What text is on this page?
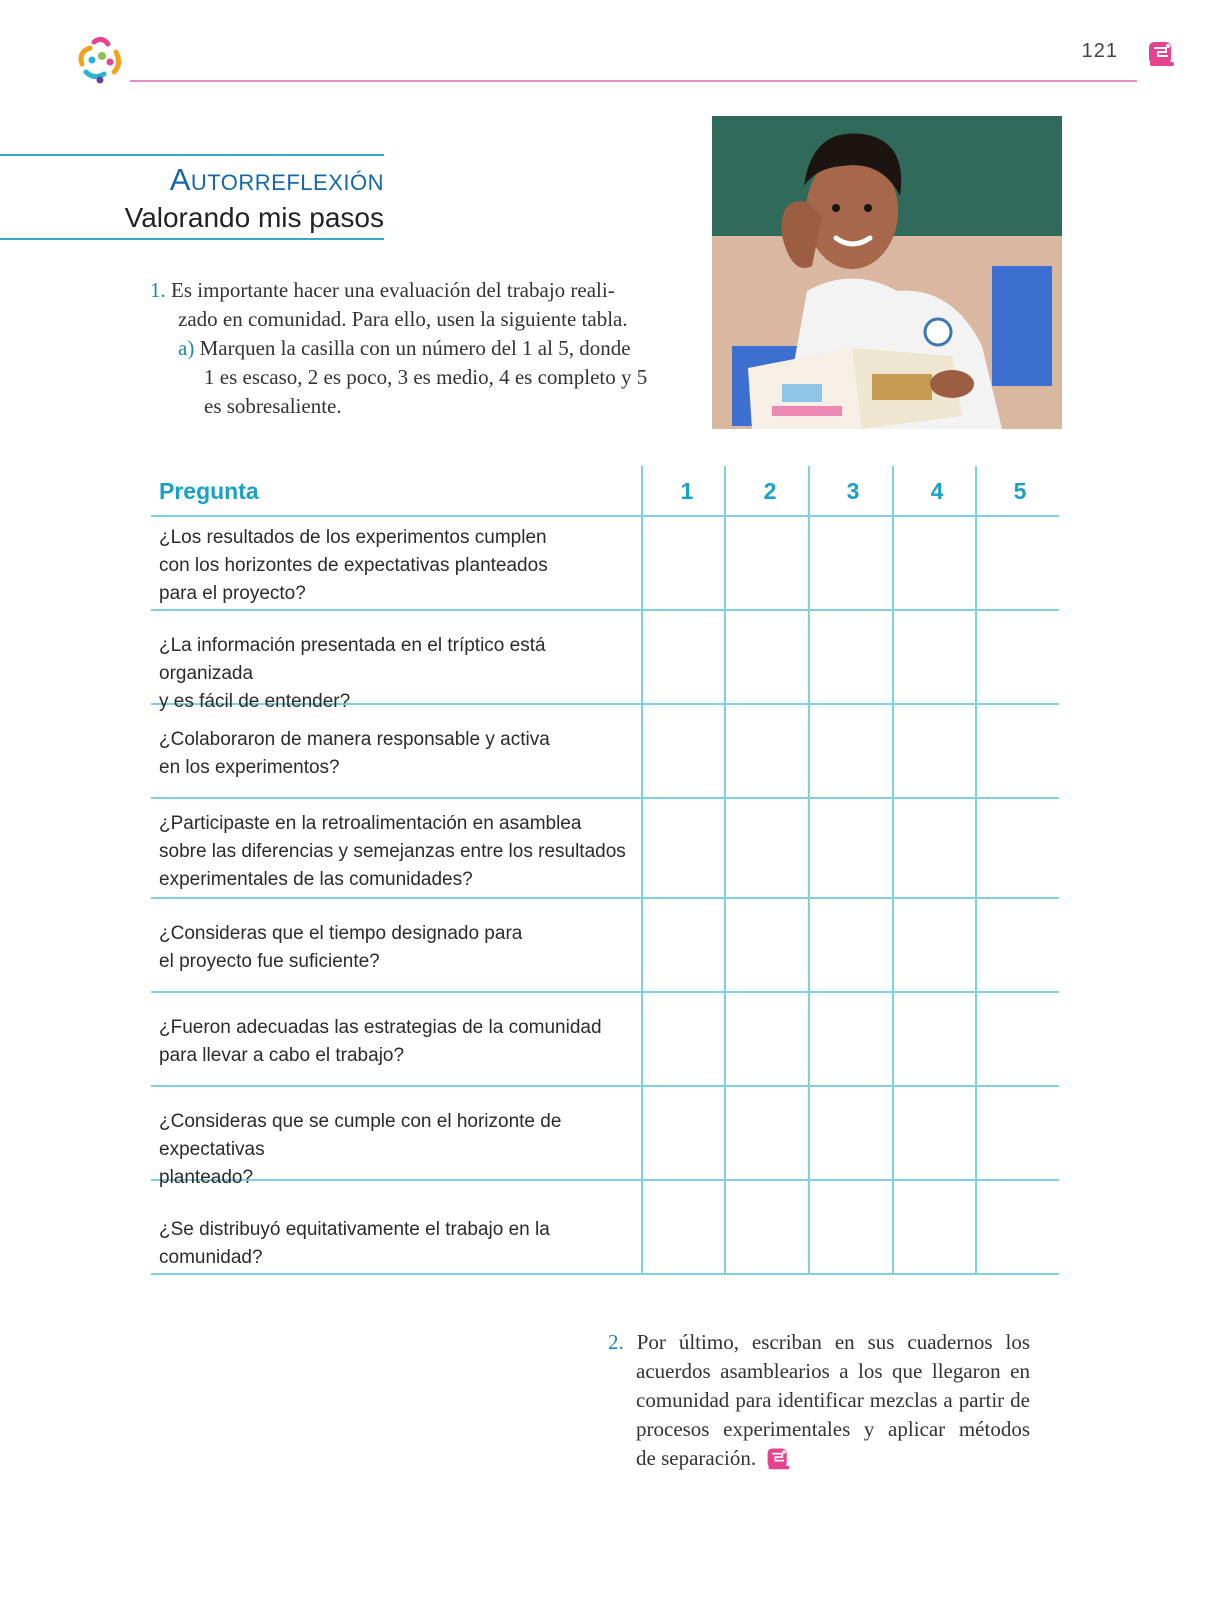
121
Autorreflexión
Valorando mis pasos
1. Es importante hacer una evaluación del trabajo reali-
zado en comunidad. Para ello, usen la siguiente tabla.
a) Marquen la casilla con un número del 1 al 5, donde
1 es escaso, 2 es poco, 3 es medio, 4 es completo y 5
es sobresaliente.
Pregunta	1	2	3	4	5
¿Los resultados de los experimentos cumplen
con los horizontes de expectativas planteados
para el proyecto?
¿La información presentada en el tríptico está organizada
y es fácil de entender?
¿Colaboraron de manera responsable y activa
en los experimentos?
¿Participaste en la retroalimentación en asamblea
sobre las diferencias y semejanzas entre los resultados
experimentales de las comunidades?
¿Consideras que el tiempo designado para
el proyecto fue suficiente?
¿Fueron adecuadas las estrategias de la comunidad
para llevar a cabo el trabajo?
¿Consideras que se cumple con el horizonte de expectativas
planteado?
¿Se distribuyó equitativamente el trabajo en la comunidad?
2. Por último, escriban en sus cuadernos los
acuerdos asamblearios a los que llegaron en
comunidad para identificar mezclas a partir de
procesos experimentales y aplicar métodos
de separación.
